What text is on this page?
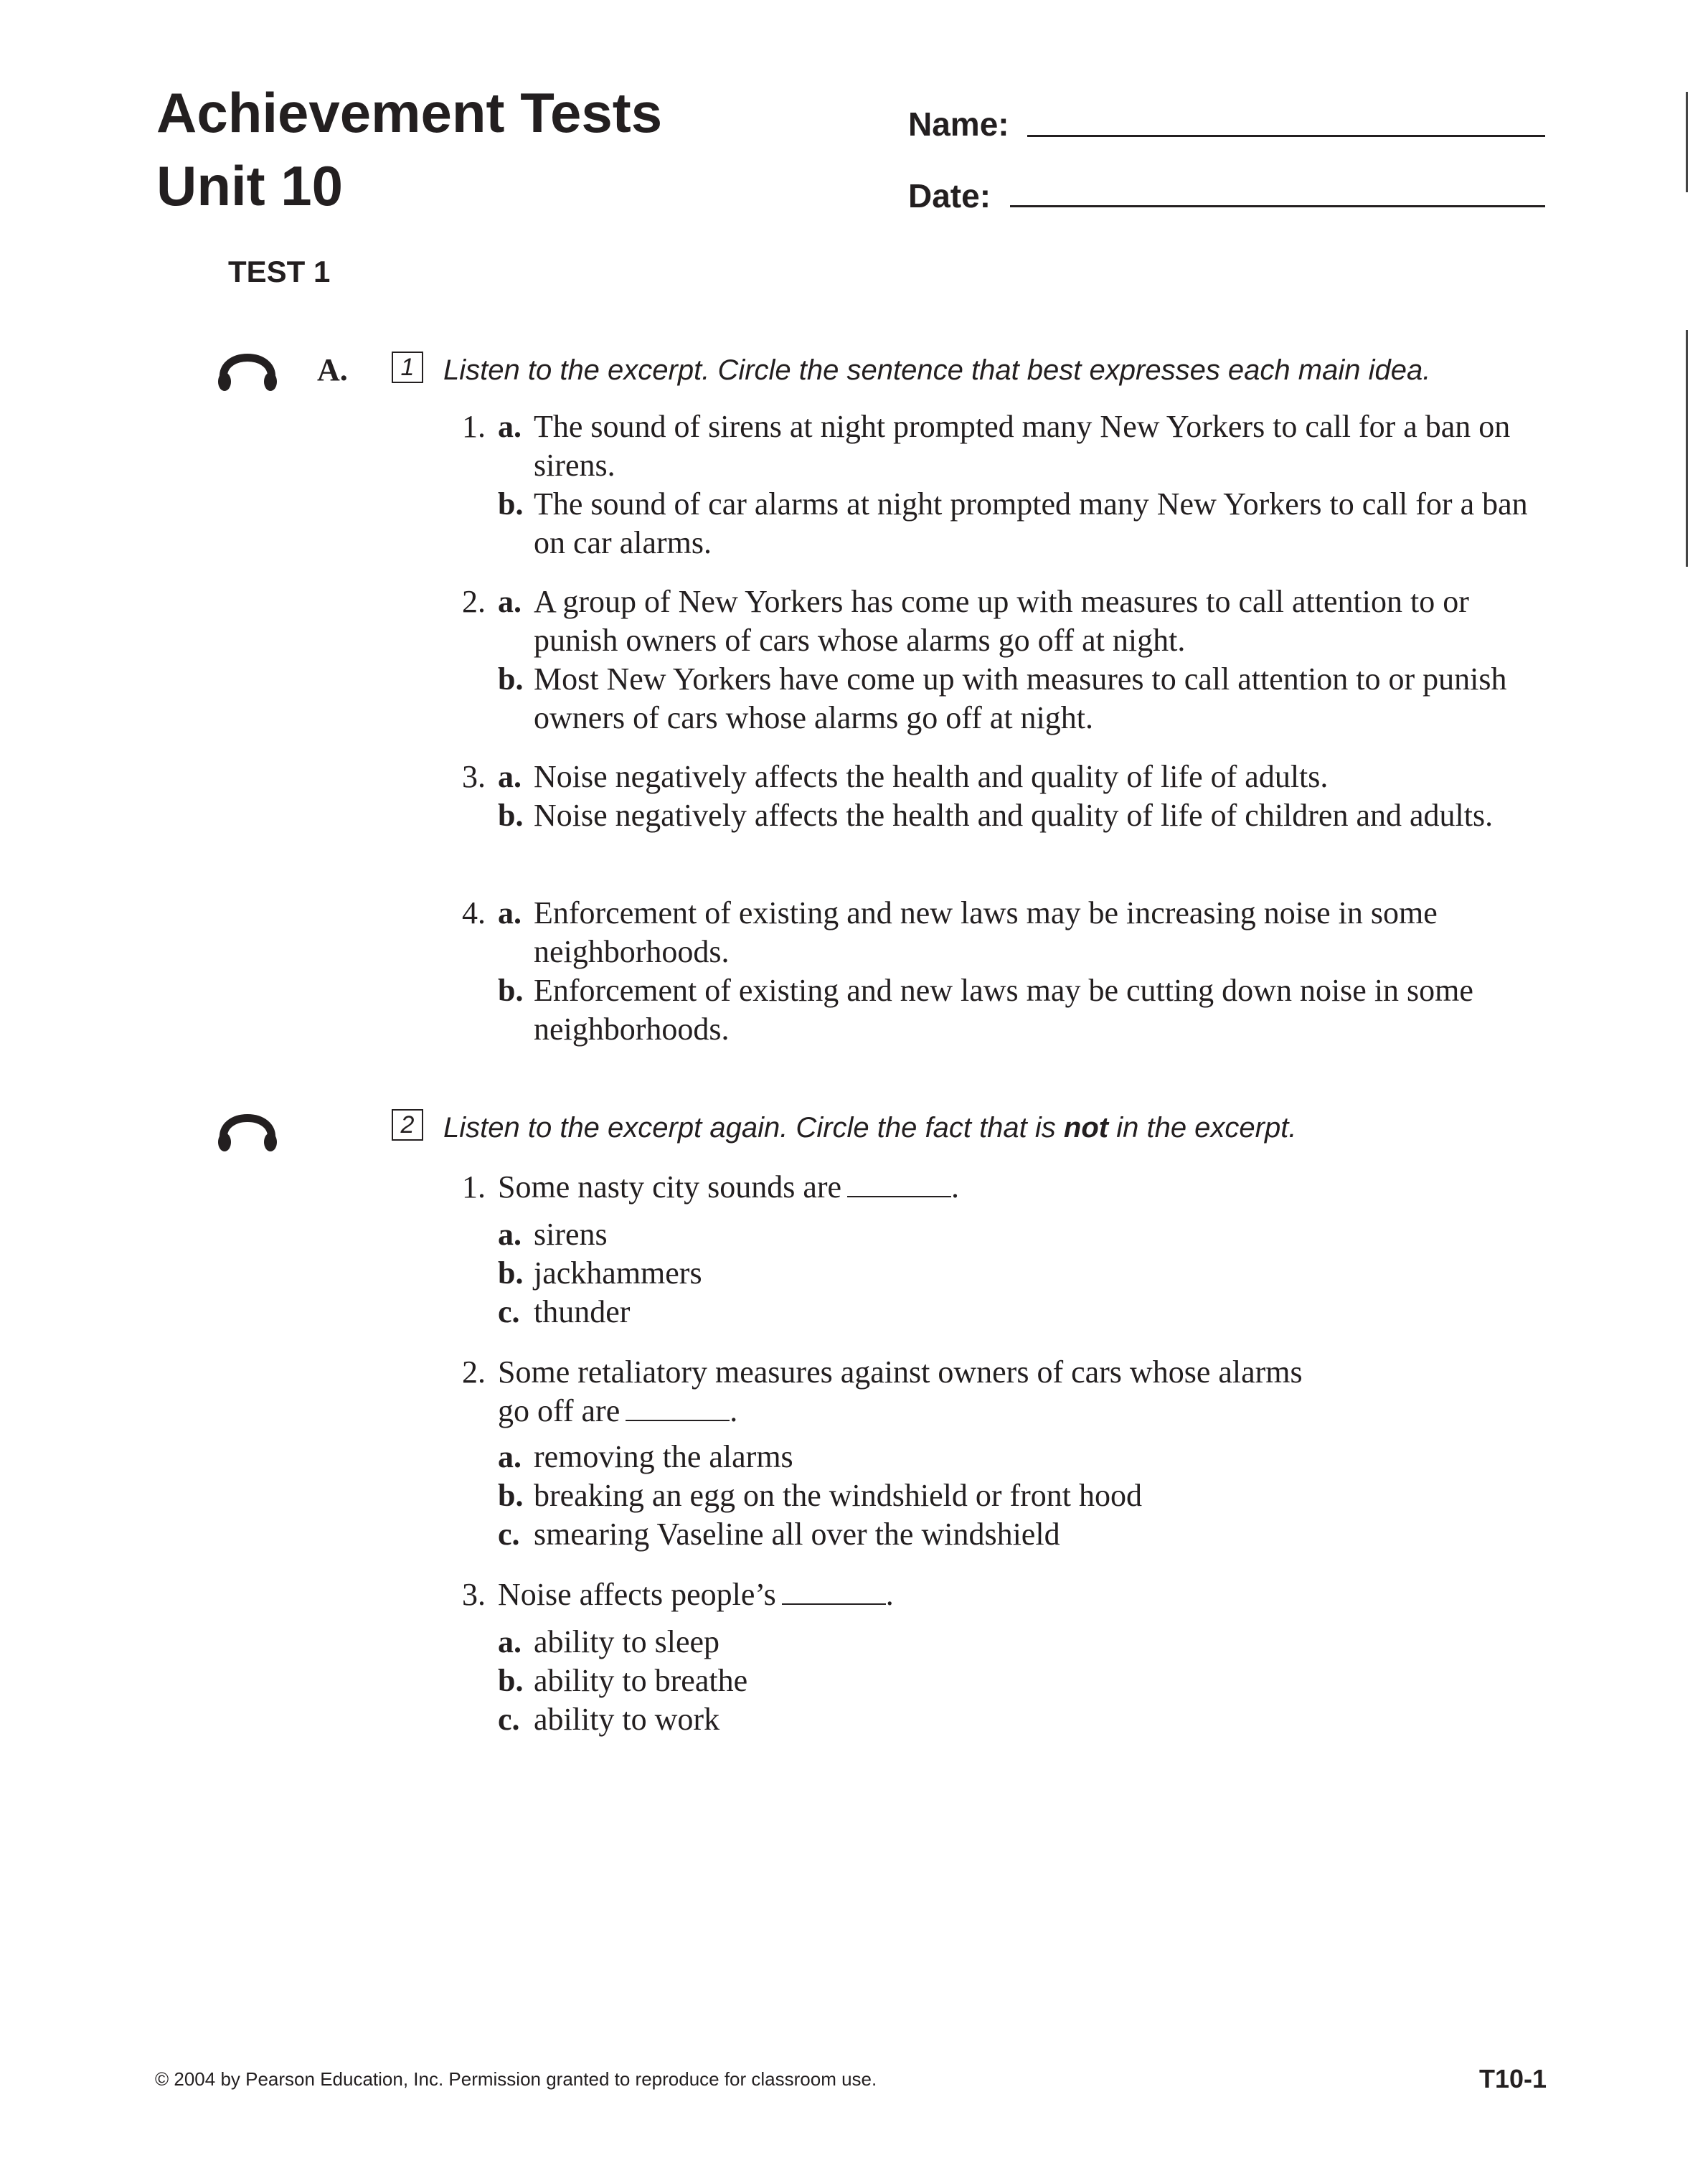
Achievement Tests
Unit 10
Name:
Date:
TEST 1
A.	1	Listen to the excerpt. Circle the sentence that best expresses each main idea.
1. a. The sound of sirens at night prompted many New Yorkers to call for a ban on sirens.
b. The sound of car alarms at night prompted many New Yorkers to call for a ban on car alarms.
2. a. A group of New Yorkers has come up with measures to call attention to or punish owners of cars whose alarms go off at night.
b. Most New Yorkers have come up with measures to call attention to or punish owners of cars whose alarms go off at night.
3. a. Noise negatively affects the health and quality of life of adults.
b. Noise negatively affects the health and quality of life of children and adults.
4. a. Enforcement of existing and new laws may be increasing noise in some neighborhoods.
b. Enforcement of existing and new laws may be cutting down noise in some neighborhoods.
2	Listen to the excerpt again. Circle the fact that is not in the excerpt.
1. Some nasty city sounds are	.
a. sirens
b. jackhammers
c. thunder
2. Some retaliatory measures against owners of cars whose alarms
go off are	.
a. removing the alarms
b. breaking an egg on the windshield or front hood
c. smearing Vaseline all over the windshield
3. Noise affects people’s	.
a. ability to sleep
b. ability to breathe
c. ability to work
© 2004 by Pearson Education, Inc. Permission granted to reproduce for classroom use.	T10-1
